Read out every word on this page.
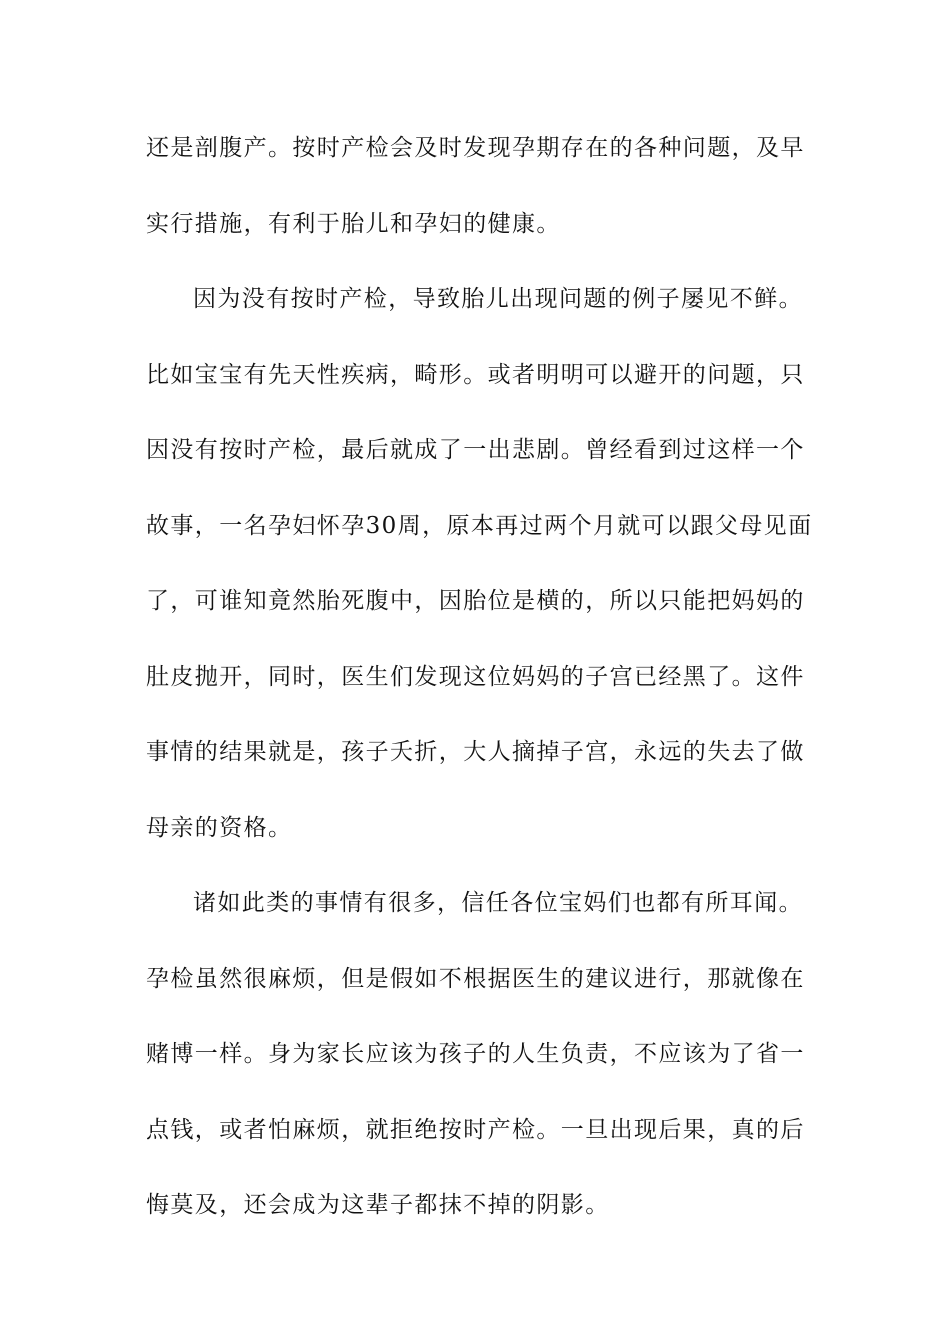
还是剖腹产。按时产检会及时发现孕期存在的各种问题，及早
实行措施，有利于胎儿和孕妇的健康。
因为没有按时产检，导致胎儿出现问题的例子屡见不鲜。
比如宝宝有先天性疾病，畸形。或者明明可以避开的问题，只
因没有按时产检，最后就成了一出悲剧。曾经看到过这样一个
故事，一名孕妇怀孕30周，原本再过两个月就可以跟父母见面
了，可谁知竟然胎死腹中，因胎位是横的，所以只能把妈妈的
肚皮抛开，同时，医生们发现这位妈妈的子宫已经黑了。这件
事情的结果就是，孩子夭折，大人摘掉子宫，永远的失去了做
母亲的资格。
诸如此类的事情有很多，信任各位宝妈们也都有所耳闻。
孕检虽然很麻烦，但是假如不根据医生的建议进行，那就像在
赌博一样。身为家长应该为孩子的人生负责，不应该为了省一
点钱，或者怕麻烦，就拒绝按时产检。一旦出现后果，真的后
悔莫及，还会成为这辈子都抹不掉的阴影。
